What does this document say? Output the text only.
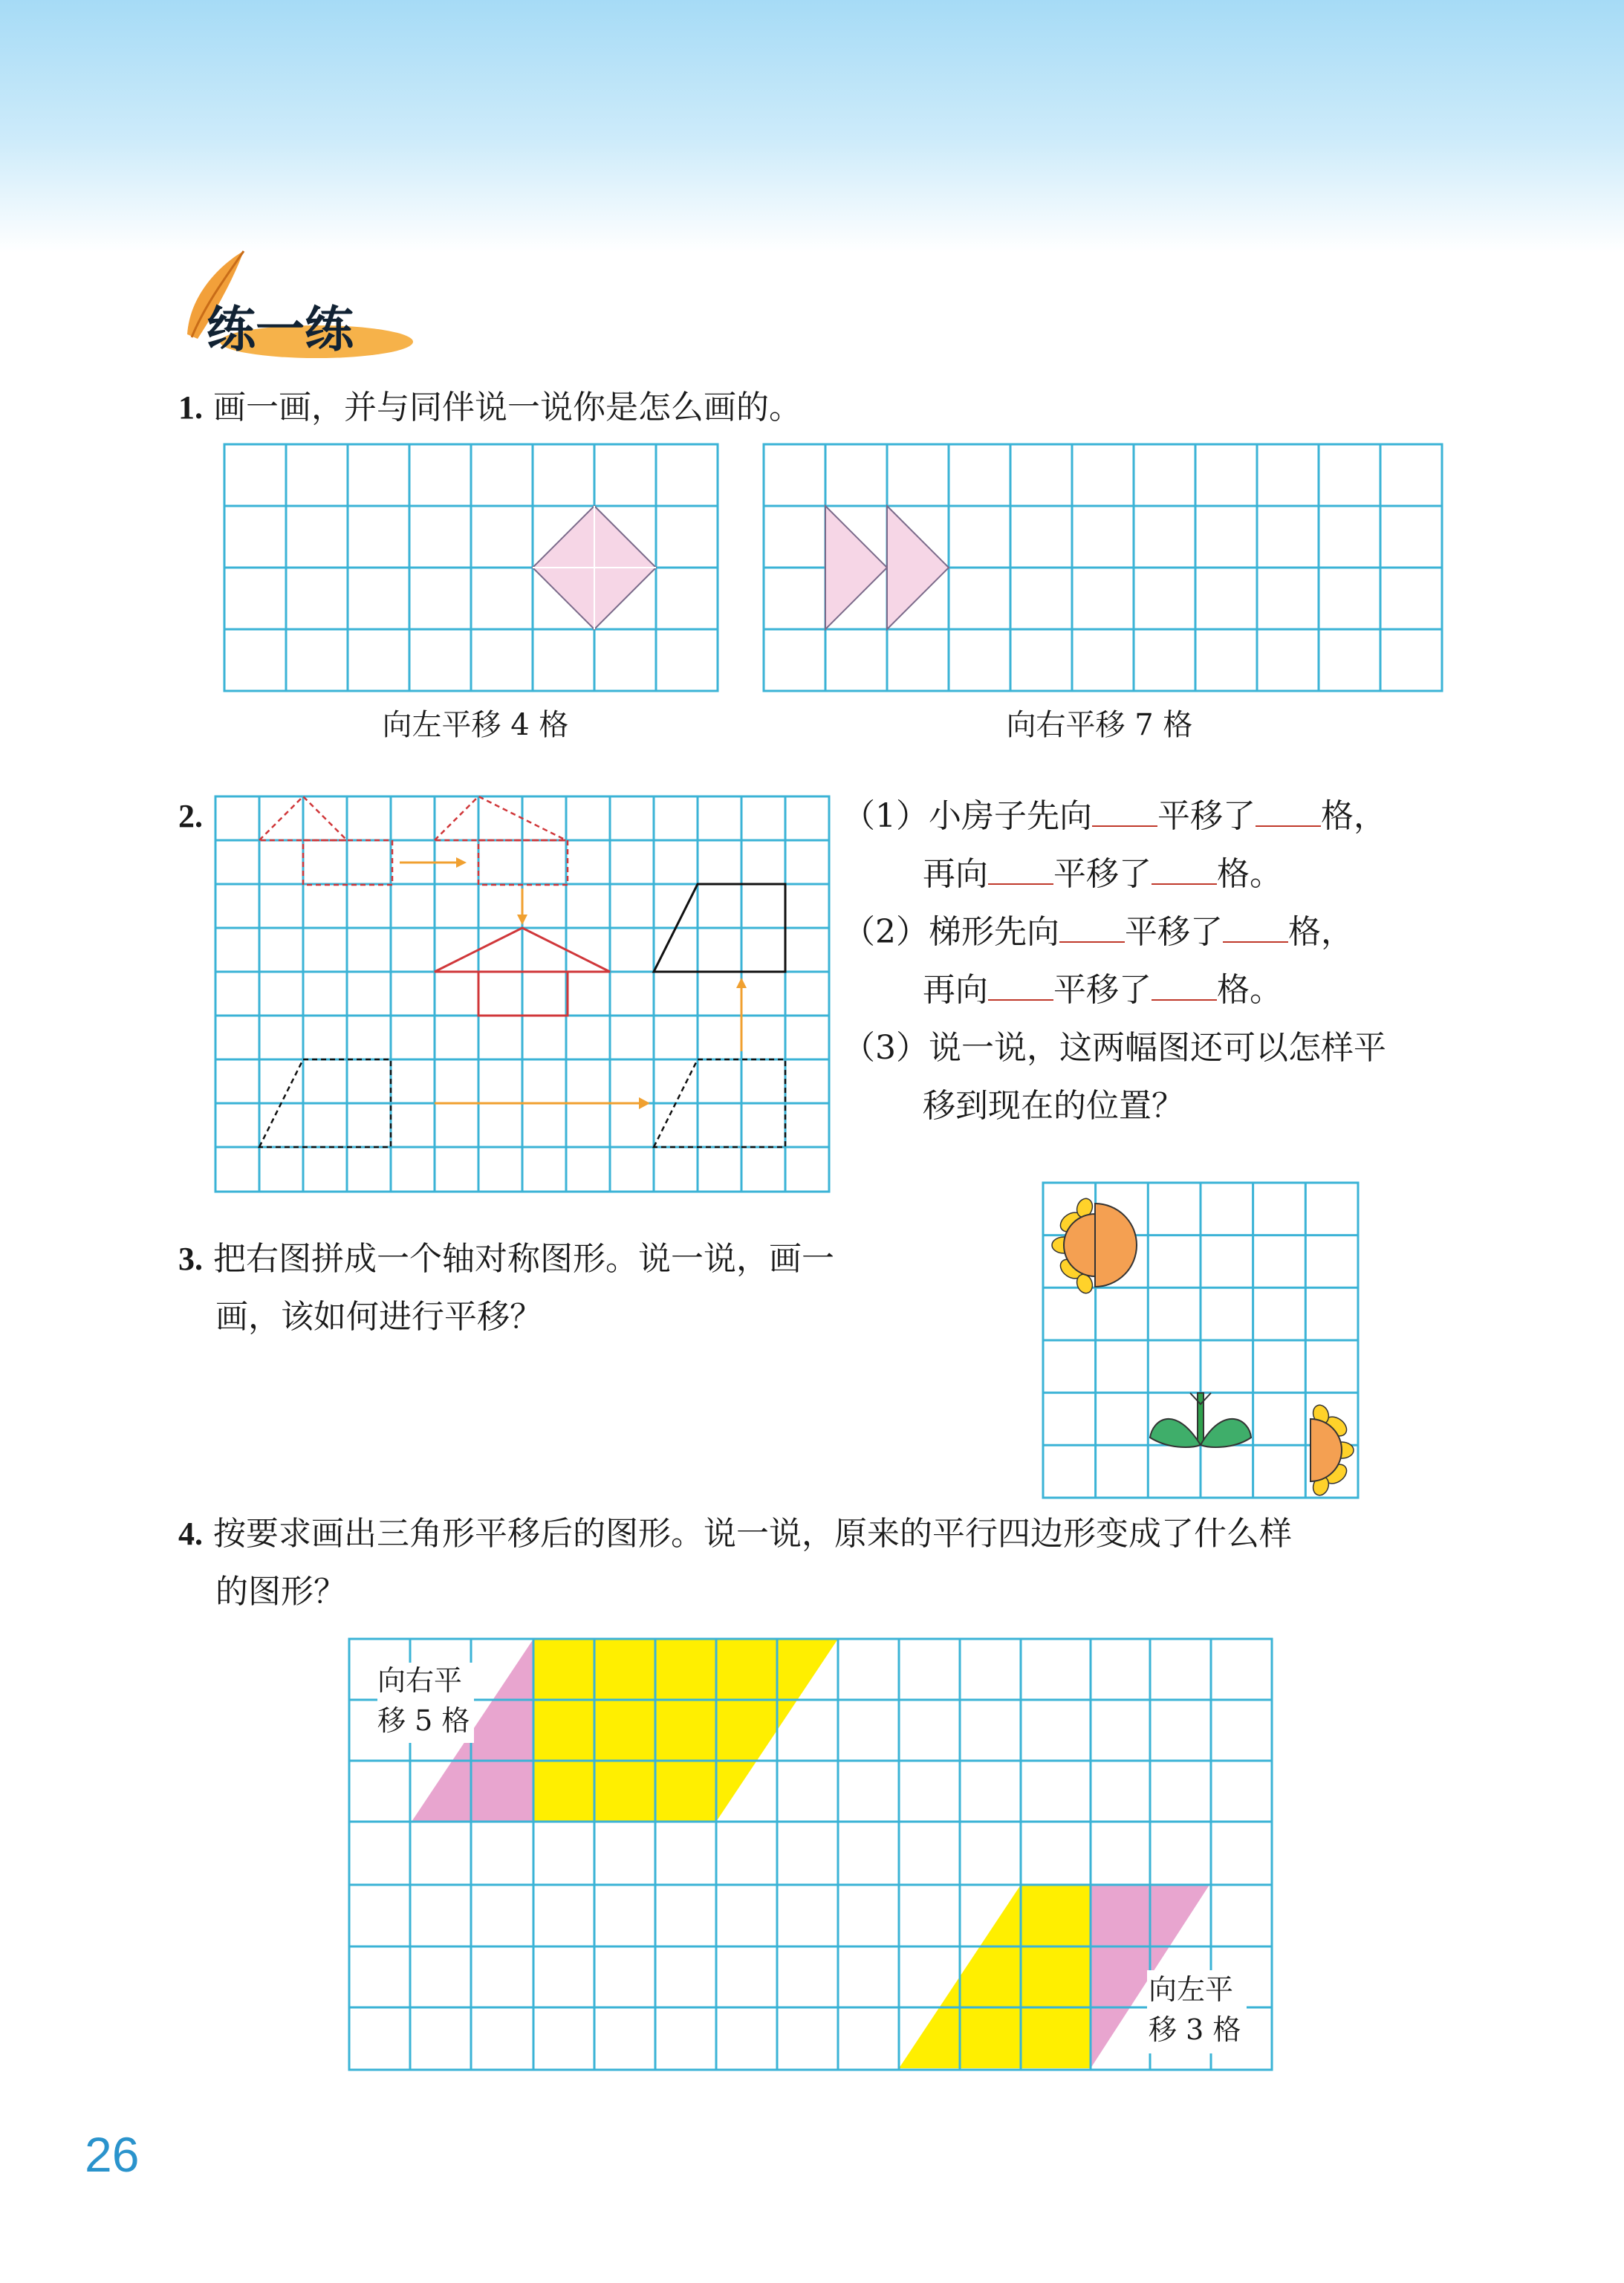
练一练
1. 画一画，并与同伴说一说你是怎么画的。
向左平移 4 格	向右平移 7 格
2.	（1）小房子先向 平移了 格，
再向 平移了 格。
（2）梯形先向 平移了 格，
再向 平移了 格。
（3）说一说，这两幅图还可以怎样平
移到现在的位置？
3. 把右图拼成一个轴对称图形。说一说，画一
画，该如何进行平移？
4. 按要求画出三角形平移后的图形。说一说，原来的平行四边形变成了什么样
的图形？
向右平
移 5 格
向左平
移 3 格
26
